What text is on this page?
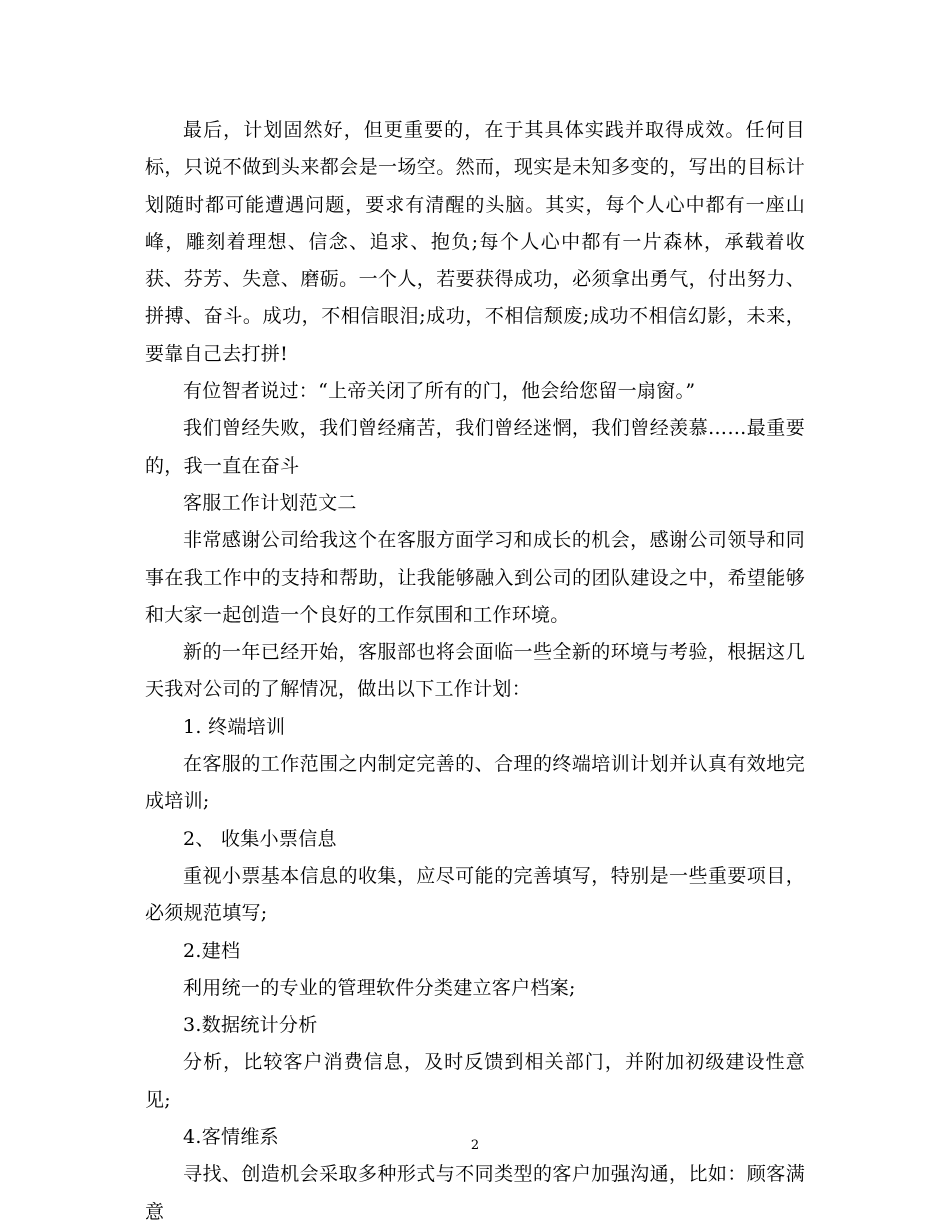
最后，计划固然好，但更重要的，在于其具体实践并取得成效。任何目标，只说不做到头来都会是一场空。然而，现实是未知多变的，写出的目标计划随时都可能遭遇问题，要求有清醒的头脑。其实，每个人心中都有一座山峰，雕刻着理想、信念、追求、抱负;每个人心中都有一片森林，承载着收获、芬芳、失意、磨砺。一个人，若要获得成功，必须拿出勇气，付出努力、拼搏、奋斗。成功，不相信眼泪;成功，不相信颓废;成功不相信幻影，未来，要靠自己去打拼!

有位智者说过：“上帝关闭了所有的门，他会给您留一扇窗。”

我们曾经失败，我们曾经痛苦，我们曾经迷惘，我们曾经羡慕……最重要的，我一直在奋斗

客服工作计划范文二

非常感谢公司给我这个在客服方面学习和成长的机会，感谢公司领导和同事在我工作中的支持和帮助，让我能够融入到公司的团队建设之中，希望能够和大家一起创造一个良好的工作氛围和工作环境。

新的一年已经开始，客服部也将会面临一些全新的环境与考验，根据这几天我对公司的了解情况，做出以下工作计划：

1. 终端培训

在客服的工作范围之内制定完善的、合理的终端培训计划并认真有效地完成培训;

2、 收集小票信息

重视小票基本信息的收集，应尽可能的完善填写，特别是一些重要项目，必须规范填写;

2.建档

利用统一的专业的管理软件分类建立客户档案;

3.数据统计分析

分析，比较客户消费信息，及时反馈到相关部门，并附加初级建设性意见;

4.客情维系

寻找、创造机会采取多种形式与不同类型的客户加强沟通，比如：顾客满意

2
